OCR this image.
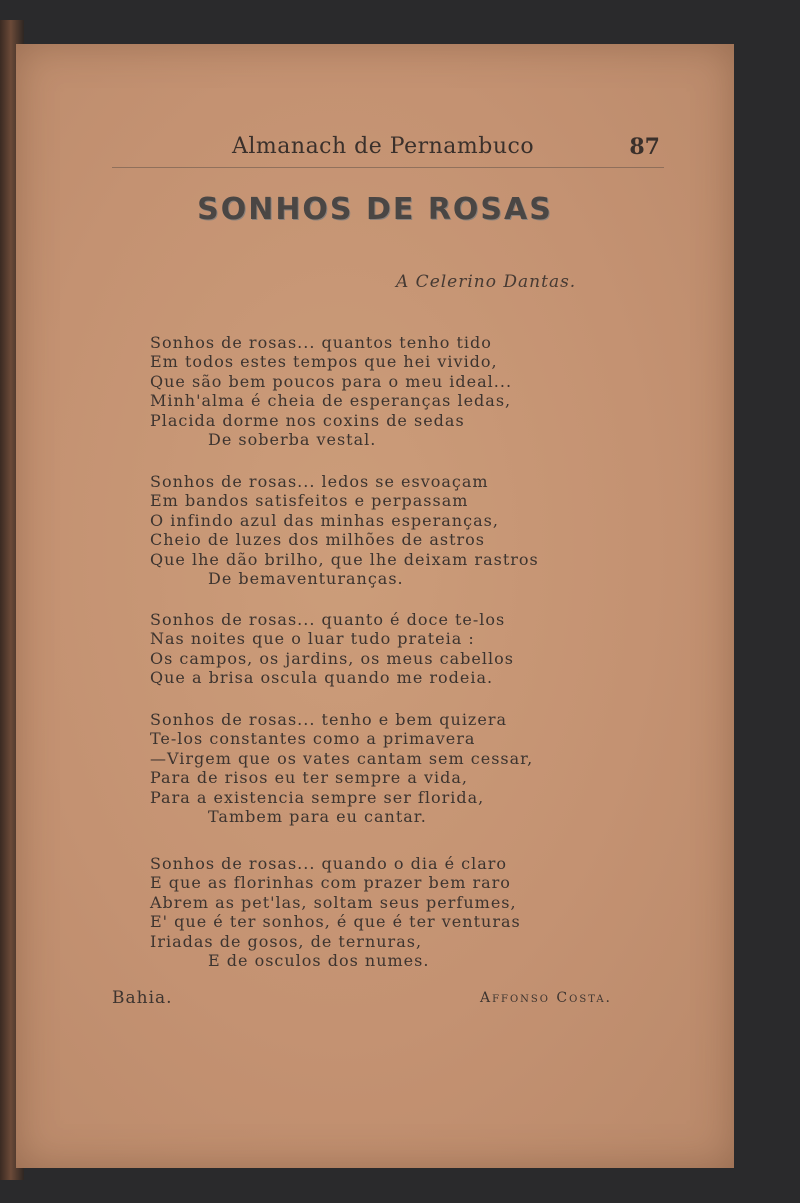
Almanach de Pernambuco	87
SONHOS DE ROSAS
A Celerino Dantas.
Sonhos de rosas... quantos tenho tido
Em todos estes tempos que hei vivido,
Que são bem poucos para o meu ideal...
Minh'alma é cheia de esperanças ledas,
Placida dorme nos coxins de sedas
De soberba vestal.
Sonhos de rosas... ledos se esvoaçam
Em bandos satisfeitos e perpassam
O infindo azul das minhas esperanças,
Cheio de luzes dos milhões de astros
Que lhe dão brilho, que lhe deixam rastros
De bemaventuranças.
Sonhos de rosas... quanto é doce te-los
Nas noites que o luar tudo prateia :
Os campos, os jardins, os meus cabellos
Que a brisa oscula quando me rodeia.
Sonhos de rosas... tenho e bem quizera
Te-los constantes como a primavera
—Virgem que os vates cantam sem cessar,
Para de risos eu ter sempre a vida,
Para a existencia sempre ser florida,
Tambem para eu cantar.
Sonhos de rosas... quando o dia é claro
E que as florinhas com prazer bem raro
Abrem as pet'las, soltam seus perfumes,
E' que é ter sonhos, é que é ter venturas
Iriadas de gosos, de ternuras,
E de osculos dos numes.
Bahia.	Affonso Costa.
